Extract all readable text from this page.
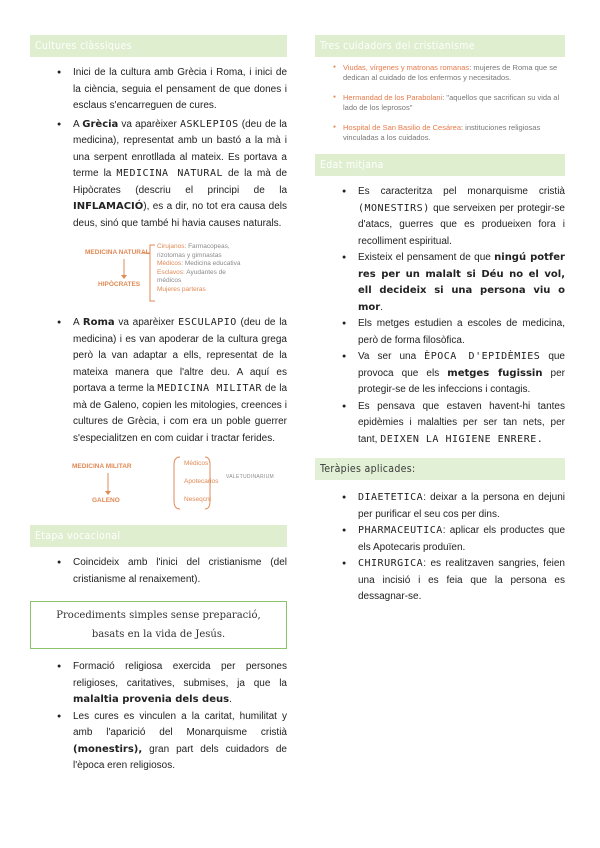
Cultures clàssiques
● Inici de la cultura amb Grècia i Roma, i inici de la ciència, seguia el pensament de que dones i esclaus s'encarreguen de cures.
● A Grècia va aparèixer ASKLEPIOS (deu de la medicina), representat amb un bastó a la mà i una serpent enrotllada al mateix. Es portava a terme la MEDICINA NATURAL de la mà de Hipòcrates (descriu el principi de la INFLAMACIÓ), es a dir, no tot era causa dels deus, sinó que també hi havia causes naturals.
MEDICINA NATURAL
HIPÒCRATES
Cirujanos: Farmacopeas,
rizotomas y gimnastas
Médicos: Medicina educativa
Esclavos: Ayudantes de
médicos
Mujeres parteras
● A Roma va aparèixer ESCULAPIO (deu de la medicina) i es van apoderar de la cultura grega però la van adaptar a ells, representat de la mateixa manera que l'altre deu. A aquí es portava a terme la MEDICINA MILITAR de la mà de Galeno, copien les mitologies, creences i cultures de Grècia, i com era un poble guerrer s'especialitzen en com cuidar i tractar ferides.
MEDICINA MILITAR
GALENO
Médicos
Apotecarios
Neseqcni
VALETUDINARIUM
Etapa vocacional
● Coincideix amb l'inici del cristianisme (del cristianisme al renaixement).
Procediments simples sense preparació, basats en la vida de Jesús.
● Formació religiosa exercida per persones religioses, caritatives, submises, ja que la malaltia provenia dels deus.
● Les cures es vinculen a la caritat, humilitat y amb l'aparició del Monarquisme cristià (monestirs), gran part dels cuidadors de l'època eren religiosos.
Tres cuidadors del cristianisme
● Viudas, vírgenes y matronas romanas: mujeres de Roma que se dedican al cuidado de los enfermos y necesitados.
● Hermandad de los Parabolani: "aquellos que sacrifican su vida al lado de los leprosos"
● Hospital de San Basilio de Cesárea: instituciones religiosas vinculadas a los cuidados.
Edat mitjana
● Es caracteritza pel monarquisme cristià (MONESTIRS) que serveixen per protegir-se d'atacs, guerres que es produeixen fora i recolliment espiritual.
● Existeix el pensament de que ningú potfer res per un malalt si Déu no el vol, ell decideix si una persona viu o mor.
● Els metges estudien a escoles de medicina, però de forma filosòfica.
● Va ser una ÈPOCA D'EPIDÈMIES que provoca que els metges fugissin per protegir-se de les infeccions i contagis.
● Es pensava que estaven havent-hi tantes epidèmies i malalties per ser tan nets, per tant, DEIXEN LA HIGIENE ENRERE.
Teràpies aplicades:
● DIAETETICA: deixar a la persona en dejuni per purificar el seu cos per dins.
● PHARMACEUTICA: aplicar els productes que els Apotecaris produïen.
● CHIRURGICA: es realitzaven sangries, feien una incisió i es feia que la persona es dessagnar-se.
